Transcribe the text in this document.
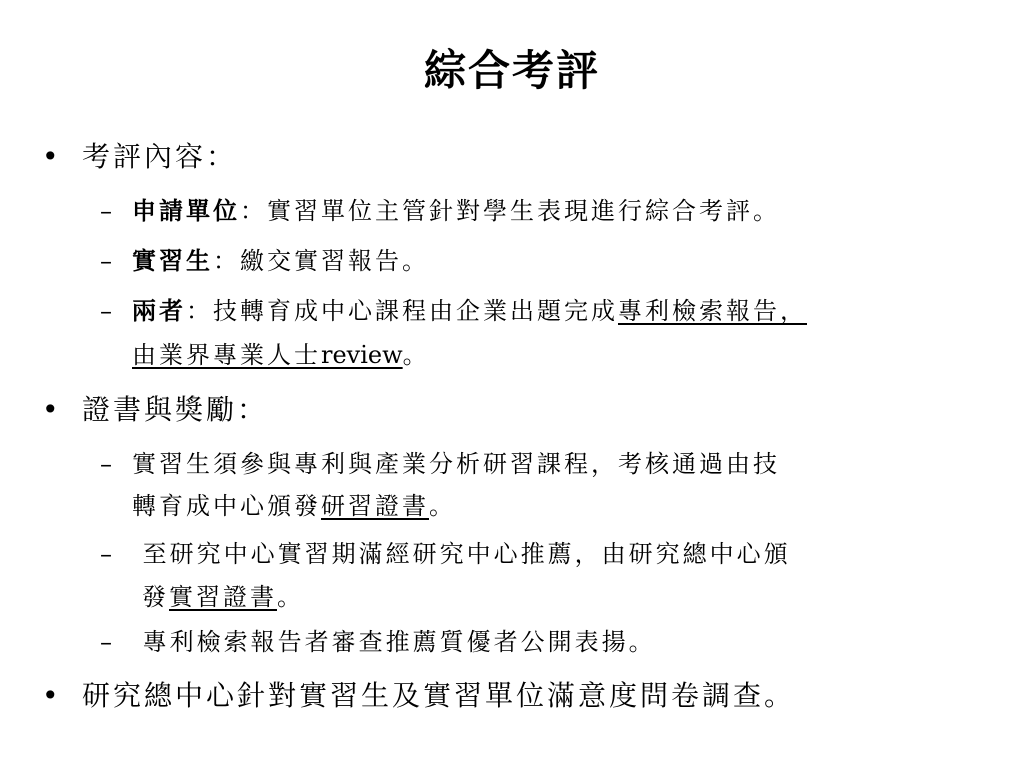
綜合考評
• 考評內容：
– 申請單位：實習單位主管針對學生表現進行綜合考評。
– 實習生：繳交實習報告。
– 兩者：技轉育成中心課程由企業出題完成專利檢索報告，
由業界專業人士review。
• 證書與獎勵：
– 實習生須參與專利與產業分析研習課程，考核通過由技
轉育成中心頒發研習證書。
– 至研究中心實習期滿經研究中心推薦，由研究總中心頒
發實習證書。
– 專利檢索報告者審查推薦質優者公開表揚。
• 研究總中心針對實習生及實習單位滿意度問卷調查。
